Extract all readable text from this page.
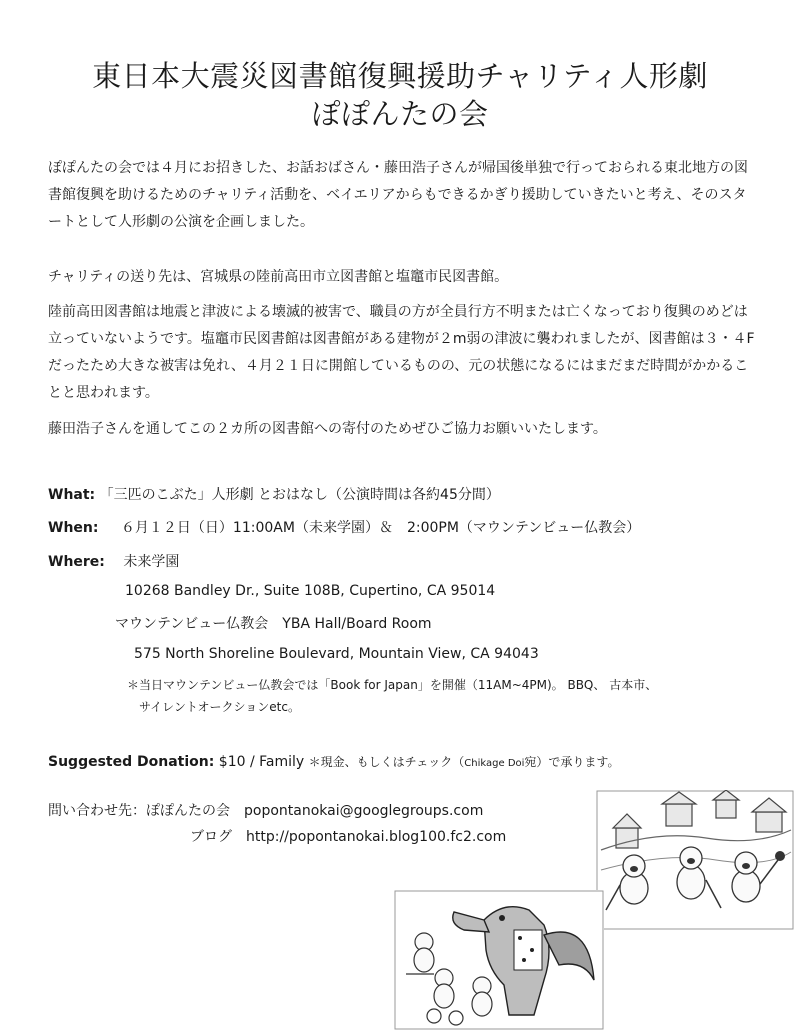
東日本大震災図書館復興援助チャリティ人形劇
ぽぽんたの会

ぽぽんたの会では４月にお招きした、お話おばさん・藤田浩子さんが帰国後単独で行っておられる東北地方の図書館復興を助けるためのチャリティ活動を、ベイエリアからもできるかぎり援助していきたいと考え、そのスタートとして人形劇の公演を企画しました。

チャリティの送り先は、宮城県の陸前高田市立図書館と塩竈市民図書館。

陸前高田図書館は地震と津波による壊滅的被害で、職員の方が全員行方不明または亡くなっており復興のめどは立っていないようです。塩竈市民図書館は図書館がある建物が２m弱の津波に襲われましたが、図書館は３・４Fだったため大きな被害は免れ、４月２１日に開館しているものの、元の状態になるにはまだまだ時間がかかることと思われます。

藤田浩子さんを通してこの２カ所の図書館への寄付のためぜひご協力お願いいたします。

What: 「三匹のこぶた」人形劇 とおはなし（公演時間は各約45分間）
When: ６月１２日（日）11:00AM（未来学園）＆　2:00PM（マウンテンビュー仏教会）
Where: 未来学園
10268 Bandley Dr., Suite 108B, Cupertino, CA 95014
マウンテンビュー仏教会　YBA Hall/Board Room
575 North Shoreline Boulevard, Mountain View, CA 94043
＊当日マウンテンビュー仏教会では「Book for Japan」を開催（11AM~4PM)。 BBQ、 古本市、
サイレントオークションetc。
Suggested Donation: $10 / Family ＊現金、もしくはチェック（Chikage Doi宛）で承ります。
問い合わせ先：ぽぽんたの会　popontanokai@googlegroups.com
ブログ　http://popontanokai.blog100.fc2.com
